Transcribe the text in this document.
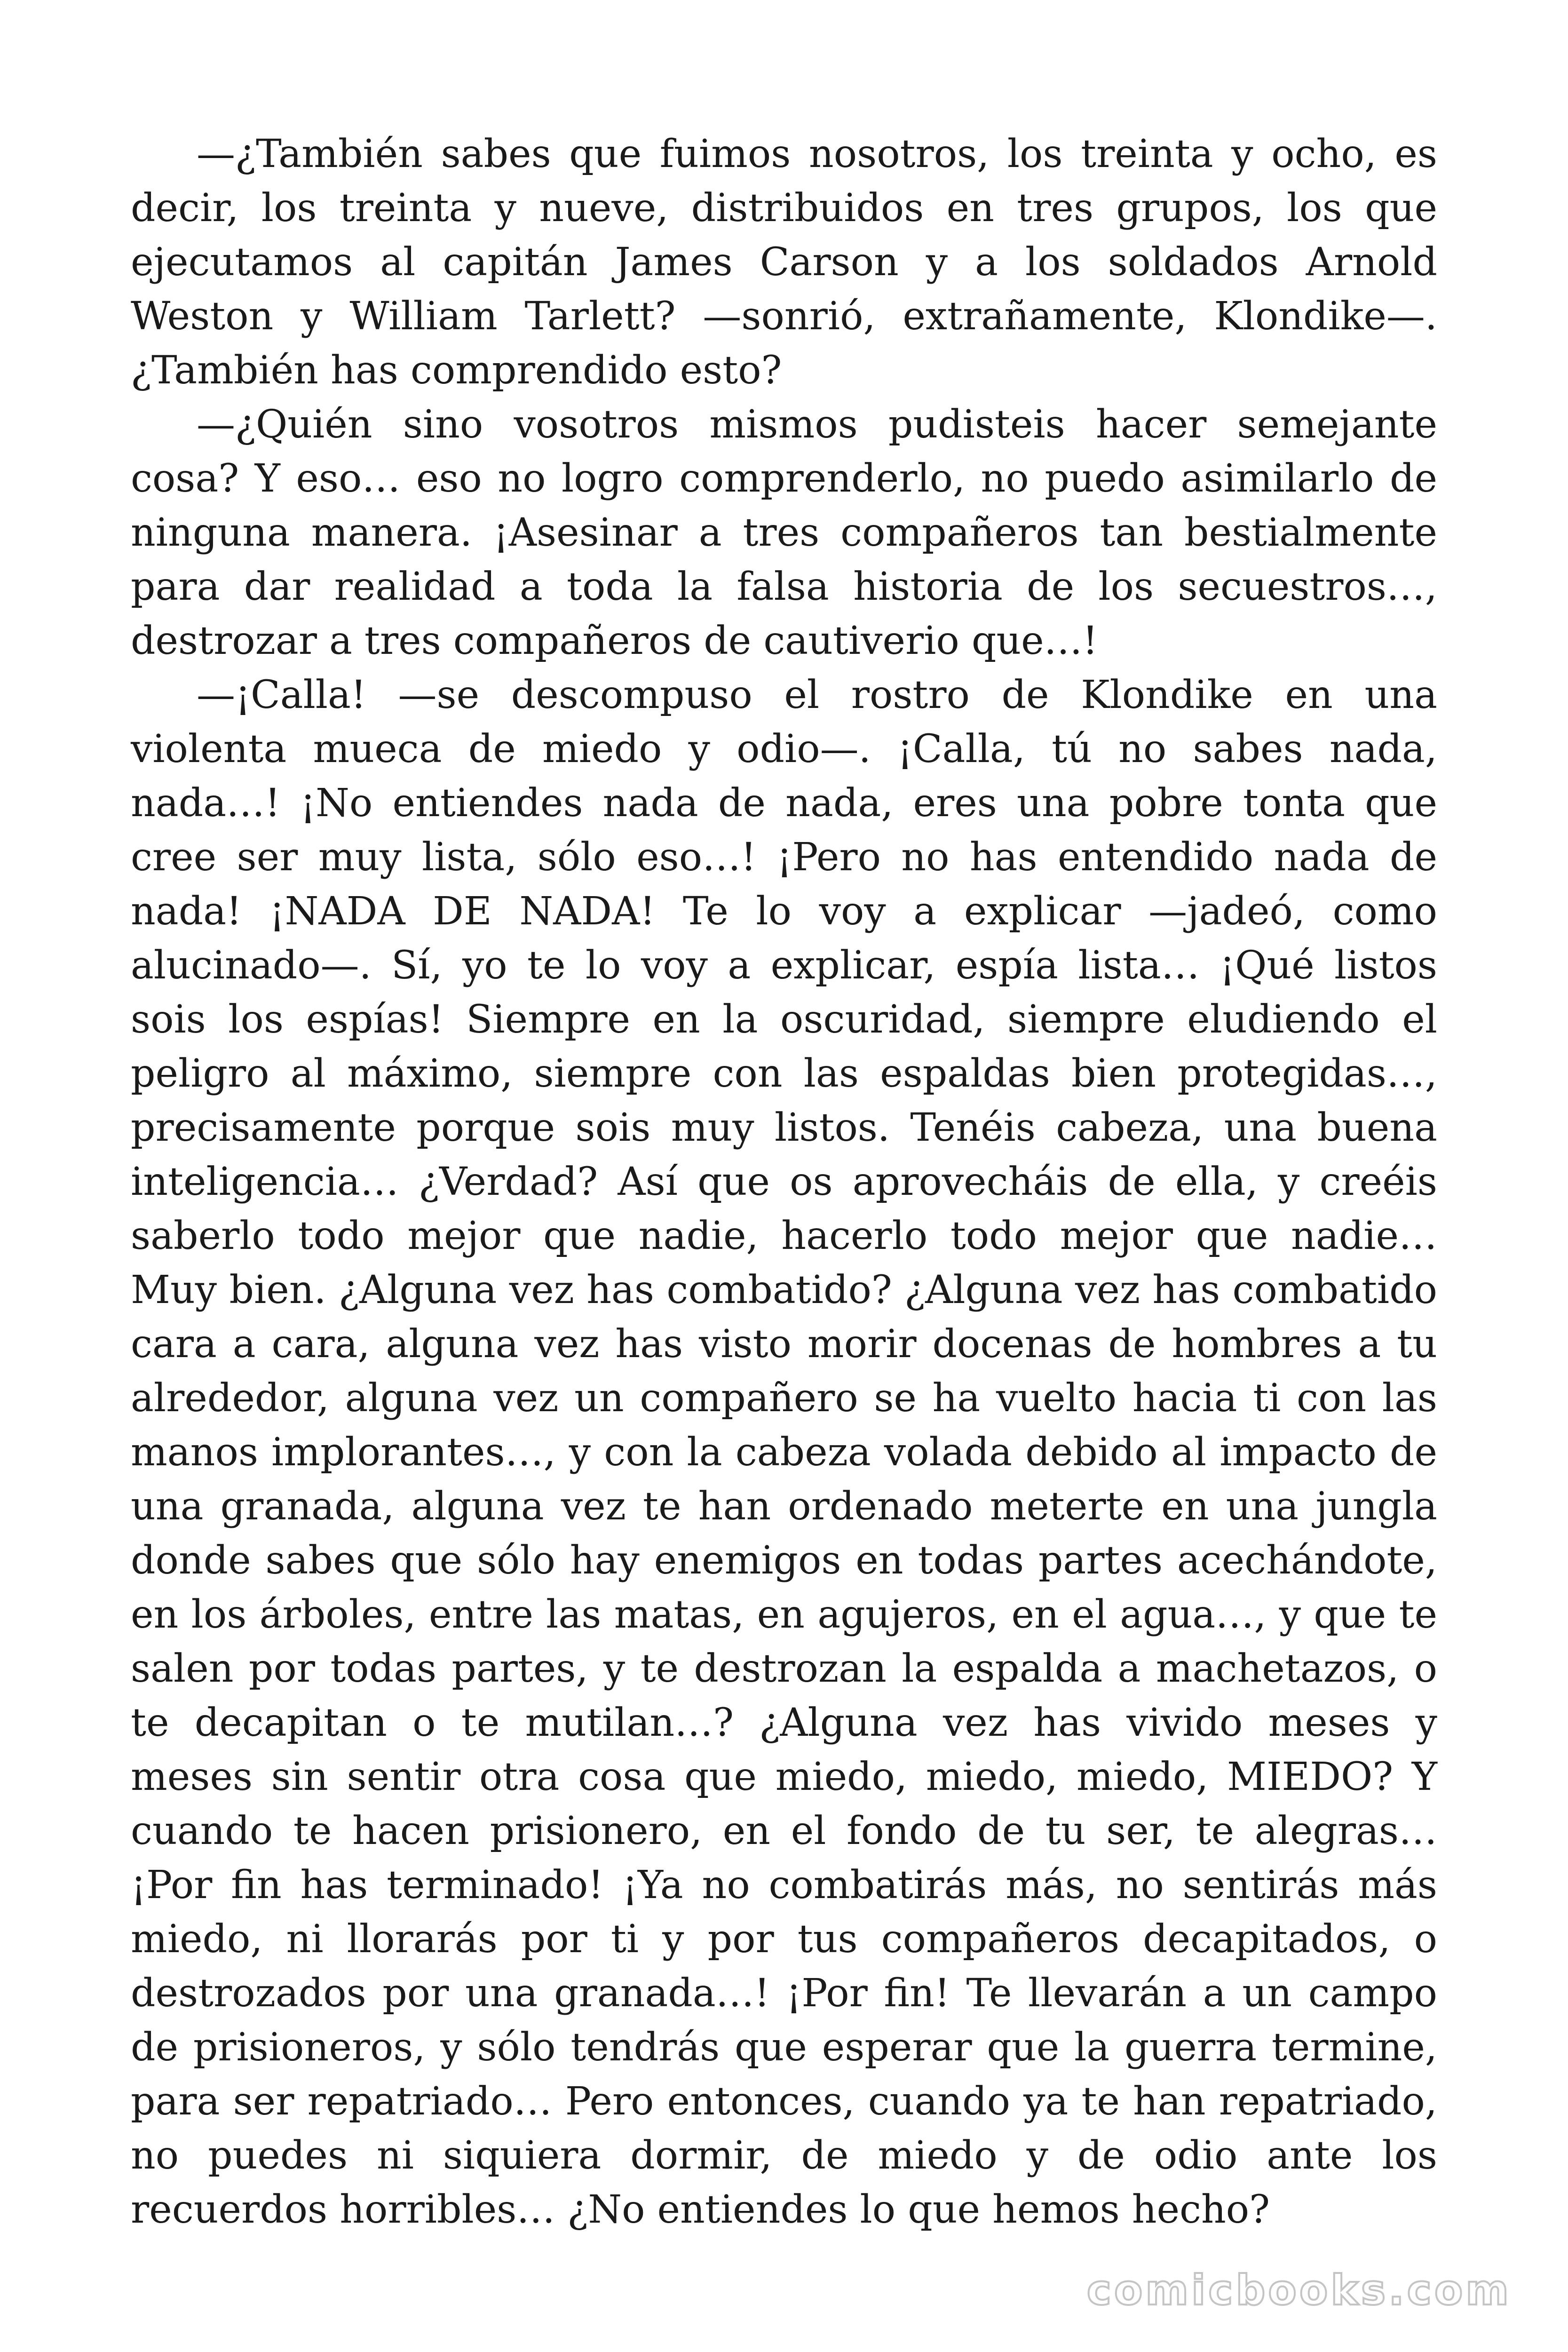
—¿También sabes que fuimos nosotros, los treinta y ocho, es decir, los treinta y nueve, distribuidos en tres grupos, los que ejecutamos al capitán James Carson y a los soldados Arnold Weston y William Tarlett? —sonrió, extrañamente, Klondike—. ¿También has comprendido esto?

—¿Quién sino vosotros mismos pudisteis hacer semejante cosa? Y eso… eso no logro comprenderlo, no puedo asimilarlo de ninguna manera. ¡Asesinar a tres compañeros tan bestialmente para dar realidad a toda la falsa historia de los secuestros…, destrozar a tres compañeros de cautiverio que…!

—¡Calla! —se descompuso el rostro de Klondike en una violenta mueca de miedo y odio—. ¡Calla, tú no sabes nada, nada…! ¡No entiendes nada de nada, eres una pobre tonta que cree ser muy lista, sólo eso…! ¡Pero no has entendido nada de nada! ¡NADA DE NADA! Te lo voy a explicar —jadeó, como alucinado—. Sí, yo te lo voy a explicar, espía lista… ¡Qué listos sois los espías! Siempre en la oscuridad, siempre eludiendo el peligro al máximo, siempre con las espaldas bien protegidas…, precisamente porque sois muy listos. Tenéis cabeza, una buena inteligencia… ¿Verdad? Así que os aprovecháis de ella, y creéis saberlo todo mejor que nadie, hacerlo todo mejor que nadie… Muy bien. ¿Alguna vez has combatido? ¿Alguna vez has combatido cara a cara, alguna vez has visto morir docenas de hombres a tu alrededor, alguna vez un compañero se ha vuelto hacia ti con las manos implorantes…, y con la cabeza volada debido al impacto de una granada, alguna vez te han ordenado meterte en una jungla donde sabes que sólo hay enemigos en todas partes acechándote, en los árboles, entre las matas, en agujeros, en el agua…, y que te salen por todas partes, y te destrozan la espalda a machetazos, o te decapitan o te mutilan…? ¿Alguna vez has vivido meses y meses sin sentir otra cosa que miedo, miedo, miedo, MIEDO? Y cuando te hacen prisionero, en el fondo de tu ser, te alegras… ¡Por fin has terminado! ¡Ya no combatirás más, no sentirás más miedo, ni llorarás por ti y por tus compañeros decapitados, o destrozados por una granada…! ¡Por fin! Te llevarán a un campo de prisioneros, y sólo tendrás que esperar que la guerra termine, para ser repatriado… Pero entonces, cuando ya te han repatriado, no puedes ni siquiera dormir, de miedo y de odio ante los recuerdos horribles… ¿No entiendes lo que hemos hecho?

comicbooks.com
